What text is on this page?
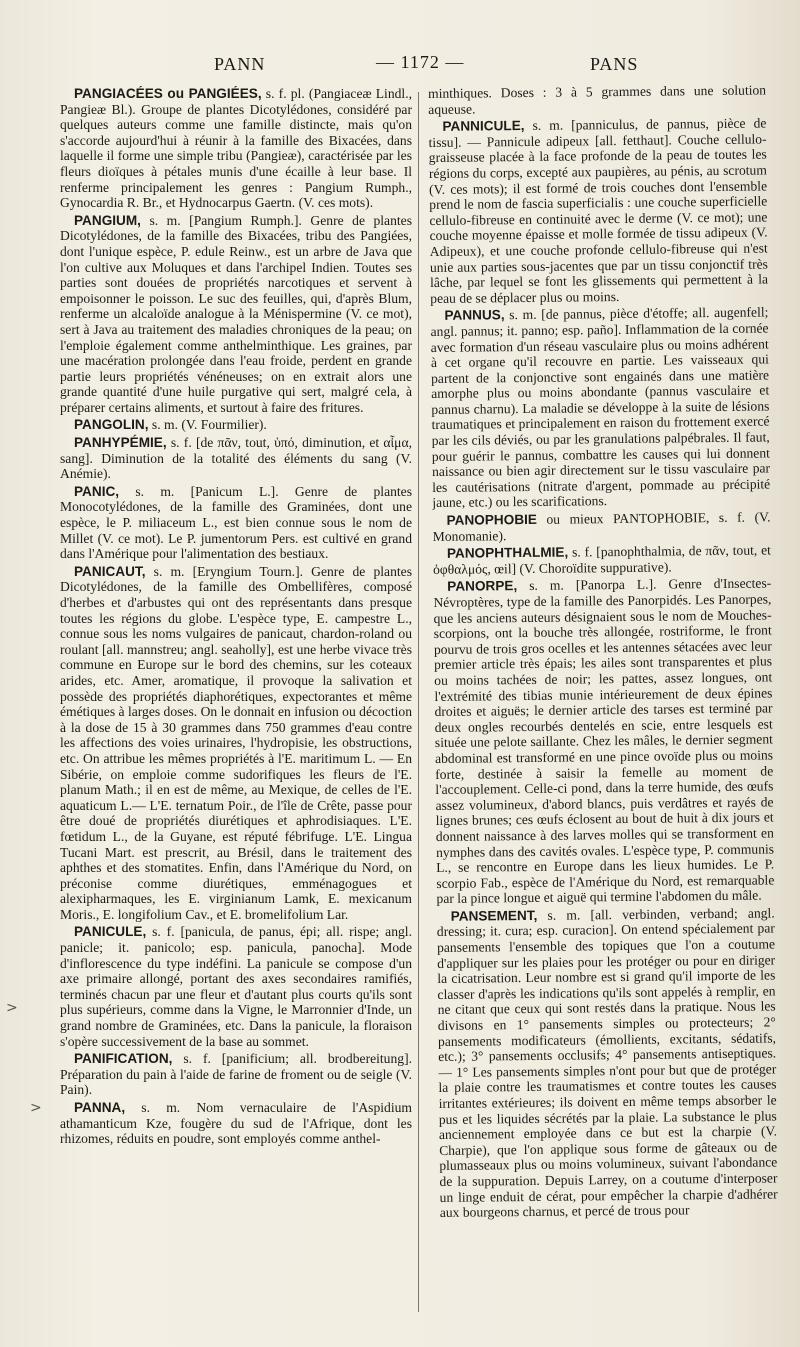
PANN	— 1172 —	PANS

PANGIACÉES ou PANGIÉES, s. f. pl. (Pangiaceæ Lindl., Pangieæ Bl.). Groupe de plantes Dicotylédones, considéré par quelques auteurs comme une famille distincte, mais qu'on s'accorde aujourd'hui à réunir à la famille des Bixacées, dans laquelle il forme une simple tribu (Pangieæ), caractérisée par les fleurs dioïques à pétales munis d'une écaille à leur base. Il renferme principalement les genres : Pangium Rumph., Gynocardia R. Br., et Hydnocarpus Gaertn. (V. ces mots).

PANGIUM, s. m. [Pangium Rumph.]. Genre de plantes Dicotylédones, de la famille des Bixacées, tribu des Pangiées, dont l'unique espèce, P. edule Reinw., est un arbre de Java que l'on cultive aux Moluques et dans l'archipel Indien. Toutes ses parties sont douées de propriétés narcotiques et servent à empoisonner le poisson. Le suc des feuilles, qui, d'après Blum, renferme un alcaloïde analogue à la Ménispermine (V. ce mot), sert à Java au traitement des maladies chroniques de la peau; on l'emploie également comme anthelminthique. Les graines, par une macération prolongée dans l'eau froide, perdent en grande partie leurs propriétés vénéneuses; on en extrait alors une grande quantité d'une huile purgative qui sert, malgré cela, à préparer certains aliments, et surtout à faire des fritures.

PANGOLIN, s. m. (V. Fourmilier).

PANHYPÉMIE, s. f. [de πᾶν, tout, ὑπό, diminution, et αἷμα, sang]. Diminution de la totalité des éléments du sang (V. Anémie).

PANIC, s. m. [Panicum L.]. Genre de plantes Monocotylédones, de la famille des Graminées, dont une espèce, le P. miliaceum L., est bien connue sous le nom de Millet (V. ce mot). Le P. jumentorum Pers. est cultivé en grand dans l'Amérique pour l'alimentation des bestiaux.

PANICAUT, s. m. [Eryngium Tourn.]. Genre de plantes Dicotylédones, de la famille des Ombellifères, composé d'herbes et d'arbustes qui ont des représentants dans presque toutes les régions du globe. L'espèce type, E. campestre L., connue sous les noms vulgaires de panicaut, chardon-roland ou roulant [all. mannstreu; angl. seaholly], est une herbe vivace très commune en Europe sur le bord des chemins, sur les coteaux arides, etc. Amer, aromatique, il provoque la salivation et possède des propriétés diaphorétiques, expectorantes et même émétiques à larges doses. On le donnait en infusion ou décoction à la dose de 15 à 30 grammes dans 750 grammes d'eau contre les affections des voies urinaires, l'hydropisie, les obstructions, etc. On attribue les mêmes propriétés à l'E. maritimum L. — En Sibérie, on emploie comme sudorifiques les fleurs de l'E. planum Math.; il en est de même, au Mexique, de celles de l'E. aquaticum L.— L'E. ternatum Poir., de l'île de Crête, passe pour être doué de propriétés diurétiques et aphrodisiaques. L'E. fœtidum L., de la Guyane, est réputé fébrifuge. L'E. Lingua Tucani Mart. est prescrit, au Brésil, dans le traitement des aphthes et des stomatites. Enfin, dans l'Amérique du Nord, on préconise comme diurétiques, emménagogues et alexipharmaques, les E. virginianum Lamk, E. mexicanum Moris., E. longifolium Cav., et E. bromelifolium Lar.

PANICULE, s. f. [panicula, de panus, épi; all. rispe; angl. panicle; it. panicolo; esp. panicula, panocha]. Mode d'inflorescence du type indéfini. La panicule se compose d'un axe primaire allongé, portant des axes secondaires ramifiés, terminés chacun par une fleur et d'autant plus courts qu'ils sont plus supérieurs, comme dans la Vigne, le Marronnier d'Inde, un grand nombre de Graminées, etc. Dans la panicule, la floraison s'opère successivement de la base au sommet.

PANIFICATION, s. f. [panificium; all. brodbereitung]. Préparation du pain à l'aide de farine de froment ou de seigle (V. Pain).

PANNA, s. m. Nom vernaculaire de l'Aspidium athamanticum Kze, fougère du sud de l'Afrique, dont les rhizomes, réduits en poudre, sont employés comme anthel-

minthiques. Doses : 3 à 5 grammes dans une solution aqueuse.

PANNICULE, s. m. [panniculus, de pannus, pièce de tissu]. — Pannicule adipeux [all. fetthaut]. Couche cellulo-graisseuse placée à la face profonde de la peau de toutes les régions du corps, excepté aux paupières, au pénis, au scrotum (V. ces mots); il est formé de trois couches dont l'ensemble prend le nom de fascia superficialis : une couche superficielle cellulo-fibreuse en continuité avec le derme (V. ce mot); une couche moyenne épaisse et molle formée de tissu adipeux (V. Adipeux), et une couche profonde cellulo-fibreuse qui n'est unie aux parties sous-jacentes que par un tissu conjonctif très lâche, par lequel se font les glissements qui permettent à la peau de se déplacer plus ou moins.

PANNUS, s. m. [de pannus, pièce d'étoffe; all. augenfell; angl. pannus; it. panno; esp. paño]. Inflammation de la cornée avec formation d'un réseau vasculaire plus ou moins adhérent à cet organe qu'il recouvre en partie. Les vaisseaux qui partent de la conjonctive sont engainés dans une matière amorphe plus ou moins abondante (pannus vasculaire et pannus charnu). La maladie se développe à la suite de lésions traumatiques et principalement en raison du frottement exercé par les cils déviés, ou par les granulations palpébrales. Il faut, pour guérir le pannus, combattre les causes qui lui donnent naissance ou bien agir directement sur le tissu vasculaire par les cautérisations (nitrate d'argent, pommade au précipité jaune, etc.) ou les scarifications.

PANOPHOBIE ou mieux PANTOPHOBIE, s. f. (V. Monomanie).

PANOPHTHALMIE, s. f. [panophthalmia, de πᾶν, tout, et ὀφθαλμός, œil] (V. Choroïdite suppurative).

PANORPE, s. m. [Panorpa L.]. Genre d'Insectes-Névroptères, type de la famille des Panorpidés. Les Panorpes, que les anciens auteurs désignaient sous le nom de Mouches-scorpions, ont la bouche très allongée, rostriforme, le front pourvu de trois gros ocelles et les antennes sétacées avec leur premier article très épais; les ailes sont transparentes et plus ou moins tachées de noir; les pattes, assez longues, ont l'extrémité des tibias munie intérieurement de deux épines droites et aiguës; le dernier article des tarses est terminé par deux ongles recourbés dentelés en scie, entre lesquels est située une pelote saillante. Chez les mâles, le dernier segment abdominal est transformé en une pince ovoïde plus ou moins forte, destinée à saisir la femelle au moment de l'accouplement. Celle-ci pond, dans la terre humide, des œufs assez volumineux, d'abord blancs, puis verdâtres et rayés de lignes brunes; ces œufs éclosent au bout de huit à dix jours et donnent naissance à des larves molles qui se transforment en nymphes dans des cavités ovales. L'espèce type, P. communis L., se rencontre en Europe dans les lieux humides. Le P. scorpio Fab., espèce de l'Amérique du Nord, est remarquable par la pince longue et aiguë qui termine l'abdomen du mâle.

PANSEMENT, s. m. [all. verbinden, verband; angl. dressing; it. cura; esp. curacion]. On entend spécialement par pansements l'ensemble des topiques que l'on a coutume d'appliquer sur les plaies pour les protéger ou pour en diriger la cicatrisation. Leur nombre est si grand qu'il importe de les classer d'après les indications qu'ils sont appelés à remplir, en ne citant que ceux qui sont restés dans la pratique. Nous les divisons en 1° pansements simples ou protecteurs; 2° pansements modificateurs (émollients, excitants, sédatifs, etc.); 3° pansements occlusifs; 4° pansements antiseptiques. — 1° Les pansements simples n'ont pour but que de protéger la plaie contre les traumatismes et contre toutes les causes irritantes extérieures; ils doivent en même temps absorber le pus et les liquides sécrétés par la plaie. La substance le plus anciennement employée dans ce but est la charpie (V. Charpie), que l'on applique sous forme de gâteaux ou de plumasseaux plus ou moins volumineux, suivant l'abondance de la suppuration. Depuis Larrey, on a coutume d'interposer un linge enduit de cérat, pour empêcher la charpie d'adhérer aux bourgeons charnus, et percé de trous pour

>
>
